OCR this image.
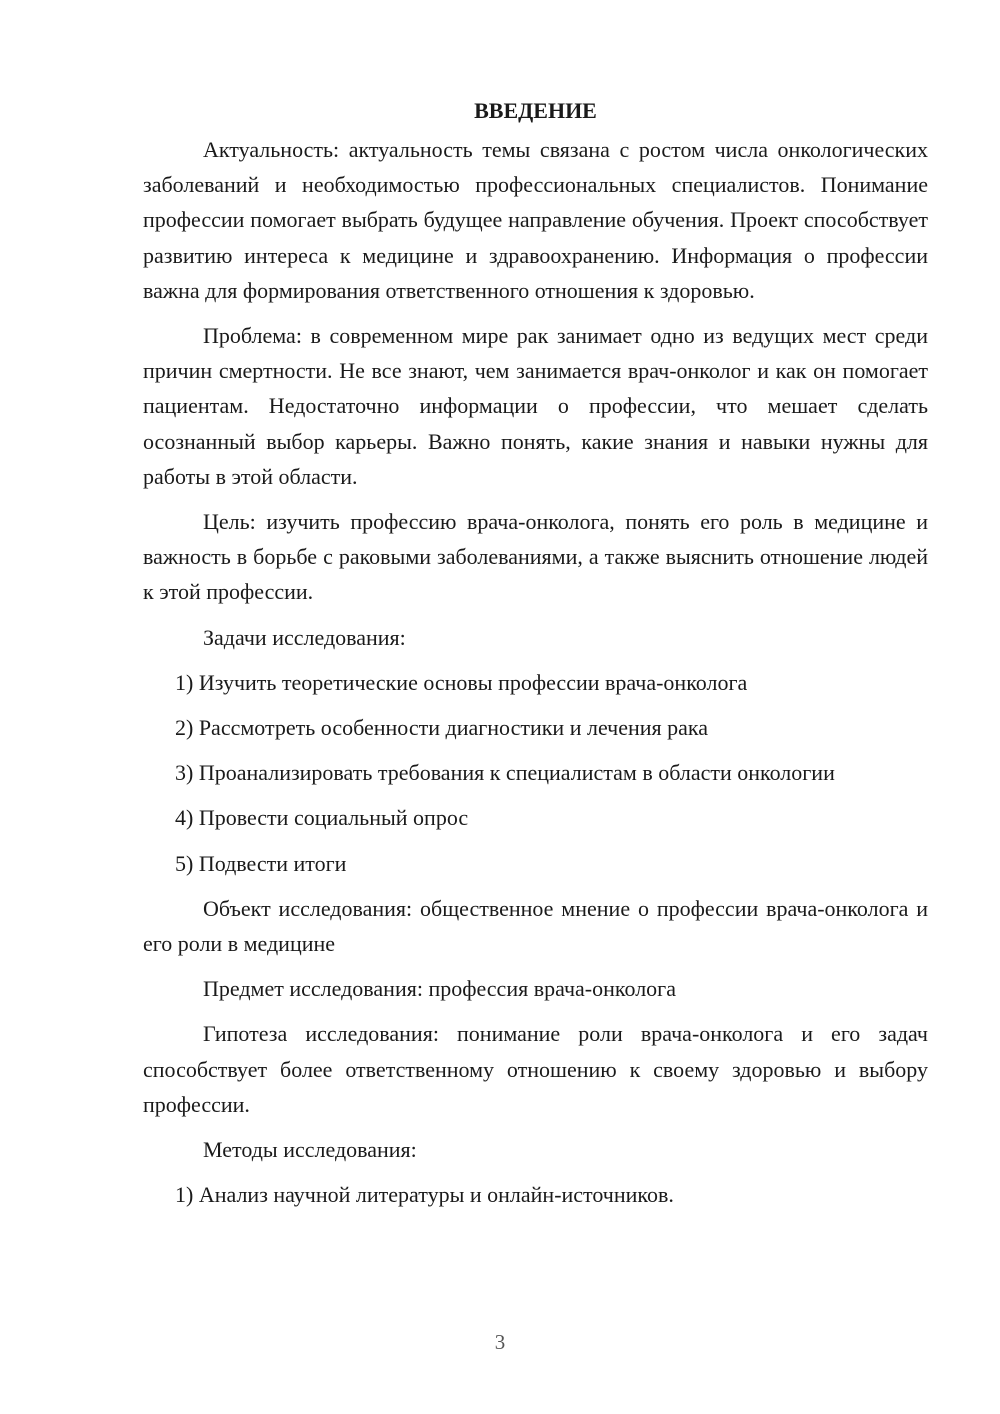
ВВЕДЕНИЕ

Актуальность: актуальность темы связана с ростом числа онкологических заболеваний и необходимостью профессиональных специалистов. Понимание профессии помогает выбрать будущее направление обучения. Проект способствует развитию интереса к медицине и здравоохранению. Информация о профессии важна для формирования ответственного отношения к здоровью.

Проблема: в современном мире рак занимает одно из ведущих мест среди причин смертности. Не все знают, чем занимается врач-онколог и как он помогает пациентам. Недостаточно информации о профессии, что мешает сделать осознанный выбор карьеры. Важно понять, какие знания и навыки нужны для работы в этой области.

Цель: изучить профессию врача-онколога, понять его роль в медицине и важность в борьбе с раковыми заболеваниями, а также выяснить отношение людей к этой профессии.

Задачи исследования:

1) Изучить теоретические основы профессии врача-онколога

2) Рассмотреть особенности диагностики и лечения рака

3) Проанализировать требования к специалистам в области онкологии

4) Провести социальный опрос

5) Подвести итоги

Объект исследования: общественное мнение о профессии врача-онколога и его роли в медицине

Предмет исследования: профессия врача-онколога

Гипотеза исследования: понимание роли врача-онколога и его задач способствует более ответственному отношению к своему здоровью и выбору профессии.

Методы исследования:

1) Анализ научной литературы и онлайн-источников.

3
